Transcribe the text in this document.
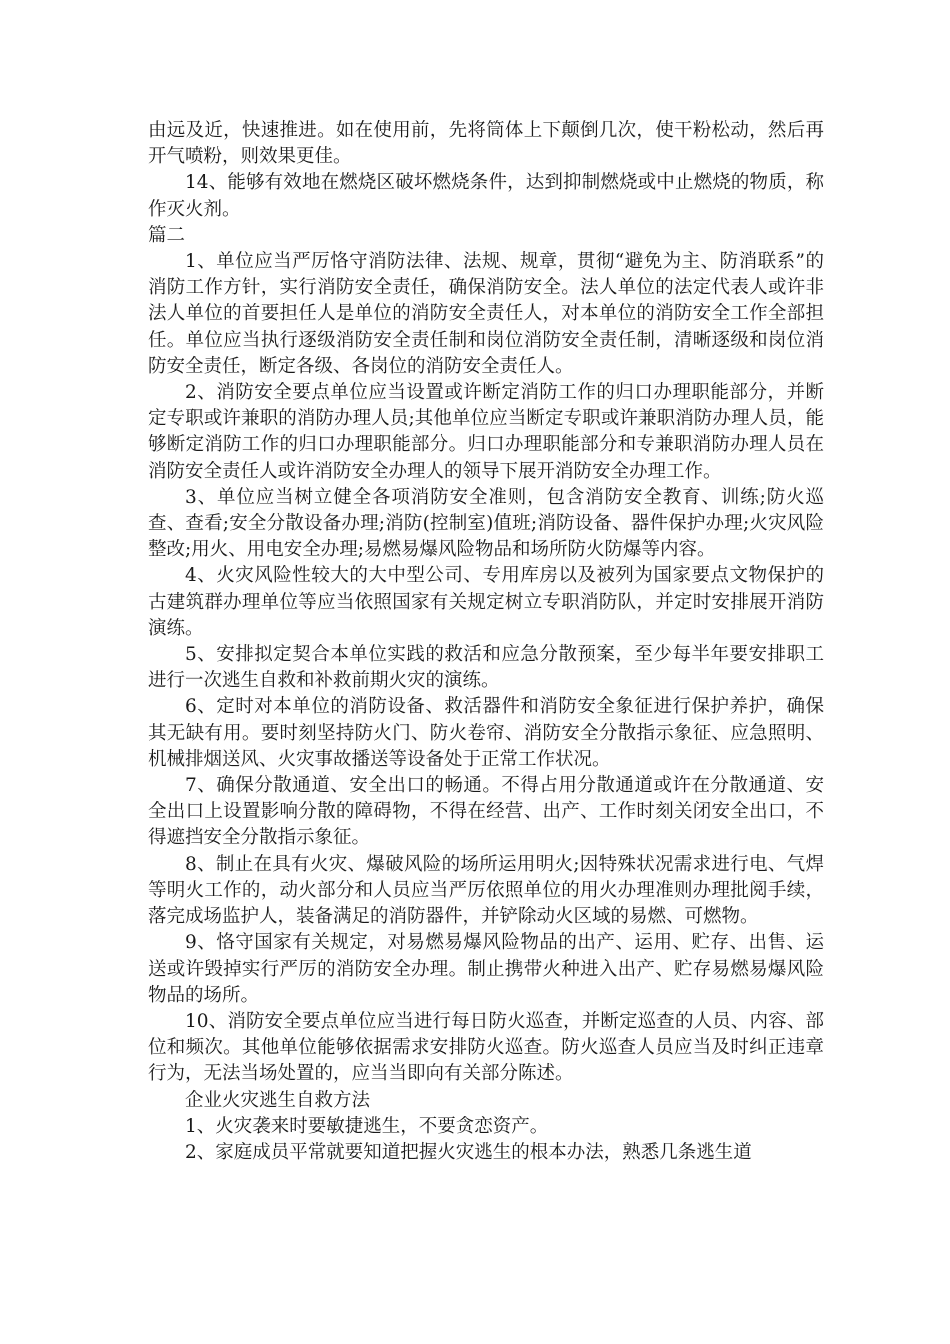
由远及近，快速推进。如在使用前，先将筒体上下颠倒几次，使干粉松动，然后再开气喷粉，则效果更佳。

14、能够有效地在燃烧区破坏燃烧条件，达到抑制燃烧或中止燃烧的物质，称作灭火剂。

篇二

1、单位应当严厉恪守消防法律、法规、规章，贯彻“避免为主、防消联系”的消防工作方针，实行消防安全责任，确保消防安全。法人单位的法定代表人或许非法人单位的首要担任人是单位的消防安全责任人，对本单位的消防安全工作全部担任。单位应当执行逐级消防安全责任制和岗位消防安全责任制，清晰逐级和岗位消防安全责任，断定各级、各岗位的消防安全责任人。

2、消防安全要点单位应当设置或许断定消防工作的归口办理职能部分，并断定专职或许兼职的消防办理人员;其他单位应当断定专职或许兼职消防办理人员，能够断定消防工作的归口办理职能部分。归口办理职能部分和专兼职消防办理人员在消防安全责任人或许消防安全办理人的领导下展开消防安全办理工作。

3、单位应当树立健全各项消防安全准则，包含消防安全教育、训练;防火巡查、查看;安全分散设备办理;消防(控制室)值班;消防设备、器件保护办理;火灾风险整改;用火、用电安全办理;易燃易爆风险物品和场所防火防爆等内容。

4、火灾风险性较大的大中型公司、专用库房以及被列为国家要点文物保护的古建筑群办理单位等应当依照国家有关规定树立专职消防队，并定时安排展开消防演练。

5、安排拟定契合本单位实践的救活和应急分散预案，至少每半年要安排职工进行一次逃生自救和补救前期火灾的演练。

6、定时对本单位的消防设备、救活器件和消防安全象征进行保护养护，确保其无缺有用。要时刻坚持防火门、防火卷帘、消防安全分散指示象征、应急照明、机械排烟送风、火灾事故播送等设备处于正常工作状况。

7、确保分散通道、安全出口的畅通。不得占用分散通道或许在分散通道、安全出口上设置影响分散的障碍物，不得在经营、出产、工作时刻关闭安全出口，不得遮挡安全分散指示象征。

8、制止在具有火灾、爆破风险的场所运用明火;因特殊状况需求进行电、气焊等明火工作的，动火部分和人员应当严厉依照单位的用火办理准则办理批阅手续，落完成场监护人，装备满足的消防器件，并铲除动火区域的易燃、可燃物。

9、恪守国家有关规定，对易燃易爆风险物品的出产、运用、贮存、出售、运送或许毁掉实行严厉的消防安全办理。制止携带火种进入出产、贮存易燃易爆风险物品的场所。

10、消防安全要点单位应当进行每日防火巡查，并断定巡查的人员、内容、部位和频次。其他单位能够依据需求安排防火巡查。防火巡查人员应当及时纠正违章行为，无法当场处置的，应当当即向有关部分陈述。

企业火灾逃生自救方法

1、火灾袭来时要敏捷逃生，不要贪恋资产。

2、家庭成员平常就要知道把握火灾逃生的根本办法，熟悉几条逃生道
